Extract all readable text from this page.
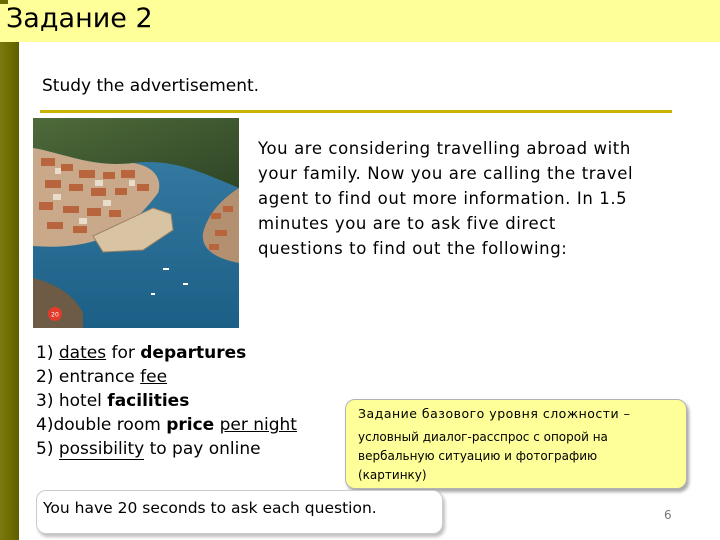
Задание 2
Study the advertisement.
20
You are considering travelling abroad with
your family. Now you are calling the travel
agent to find out more information. In 1.5
minutes you are to ask five direct
questions to find out the following:
1) dates for departures
2) entrance fee
3) hotel facilities
4)double room price per night
5) possibility to pay online
Задание базового уровня сложности –
условный диалог-расспрос с опорой на
вербальную ситуацию и фотографию
(картинку)
You have 20 seconds to ask each question.	6
